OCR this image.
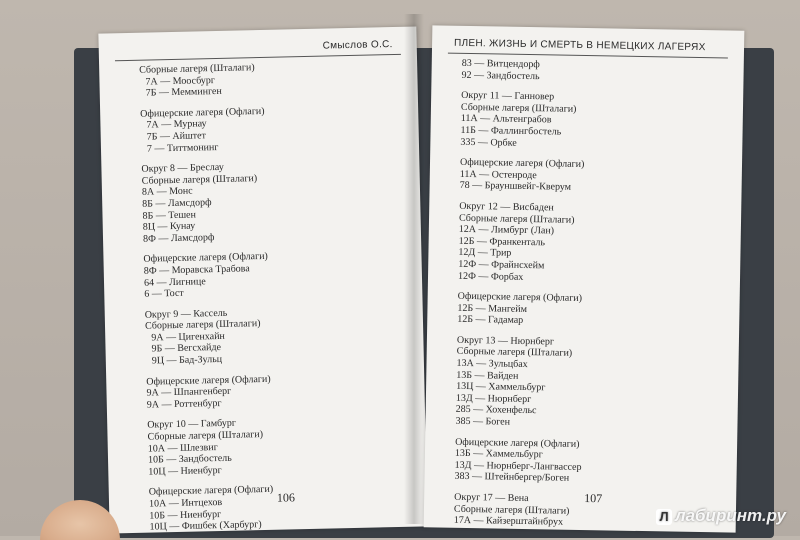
Смыслов О.С.
Сборные лагеря (Шталаги)
7А — Моосбург
7Б — Мемминген
Офицерские лагеря (Офлаги)
7А — Мурнау
7Б — Айштет
7 — Титтмонинг
Округ 8 — Бреслау
Сборные лагеря (Шталаги)
8А — Монс
8Б — Ламсдорф
8Б — Тешен
8Ц — Кунау
8Ф — Ламсдорф
Офицерские лагеря (Офлаги)
8Ф — Моравска Трабова
64 — Лигнице
6 — Тост
Округ 9 — Кассель
Сборные лагеря (Шталаги)
9А — Цигенхайн
9Б — Вегсхайде
9Ц — Бад-Зульц
Офицерские лагеря (Офлаги)
9А — Шпангенберг
9А — Роттенбург
Округ 10 — Гамбург
Сборные лагеря (Шталаги)
10А — Шлезвиг
10Б — Зандбостель
10Ц — Ниенбург
Офицерские лагеря (Офлаги)
10А — Интцехов
10Б — Ниенбург
10Ц — Фишбек (Харбург)
106
ПЛЕН. ЖИЗНЬ И СМЕРТЬ В НЕМЕЦКИХ ЛАГЕРЯХ
83 — Витцендорф
92 — Зандбостель
Округ 11 — Ганновер
Сборные лагеря (Шталаги)
11А — Альтенграбов
11Б — Фаллингбостель
335 — Орбке
Офицерские лагеря (Офлаги)
11А — Остенроде
78 — Брауншвейг-Кверум
Округ 12 — Висбаден
Сборные лагеря (Шталаги)
12А — Лимбург (Лан)
12Б — Франкенталь
12Д — Трир
12Ф — Фрайнсхейм
12Ф — Форбах
Офицерские лагеря (Офлаги)
12Б — Мангейм
12Б — Гадамар
Округ 13 — Нюрнберг
Сборные лагеря (Шталаги)
13А — Зульцбах
13Б — Вайден
13Ц — Хаммельбург
13Д — Нюрнберг
285 — Хохенфельс
385 — Боген
Офицерские лагеря (Офлаги)
13Б — Хаммельбург
13Д — Нюрнберг-Лангвассер
383 — Штейнбергер/Боген
Округ 17 — Вена
Сборные лагеря (Шталаги)
17А — Кайзерштайнбрух
107
Л лабиринт.ру
